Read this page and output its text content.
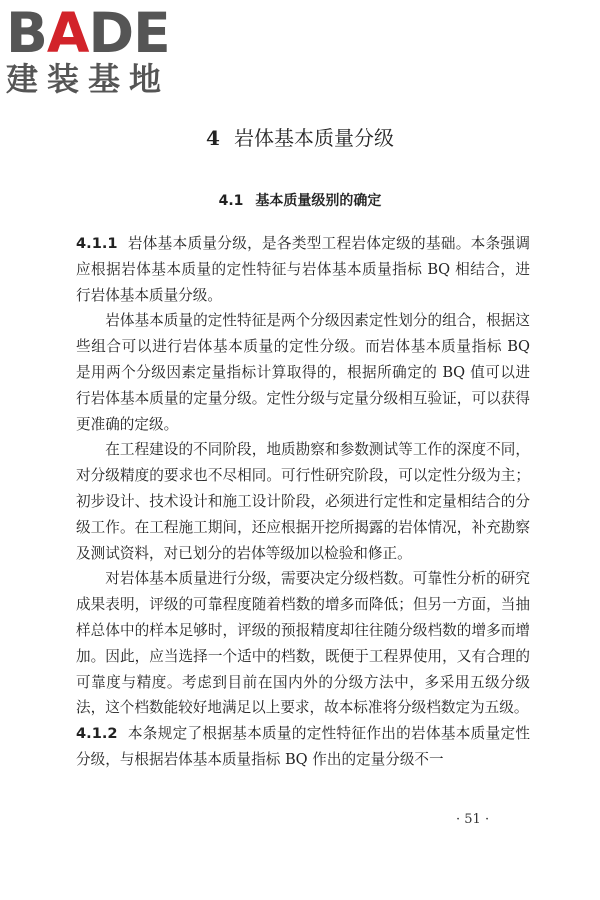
BADE
建装基地
4 岩体基本质量分级
4.1 基本质量级别的确定

4.1.1 岩体基本质量分级，是各类型工程岩体定级的基础。本条强调应根据岩体基本质量的定性特征与岩体基本质量指标 BQ 相结合，进行岩体基本质量分级。

岩体基本质量的定性特征是两个分级因素定性划分的组合，根据这些组合可以进行岩体基本质量的定性分级。而岩体基本质量指标 BQ 是用两个分级因素定量指标计算取得的，根据所确定的 BQ 值可以进行岩体基本质量的定量分级。定性分级与定量分级相互验证，可以获得更准确的定级。

在工程建设的不同阶段，地质勘察和参数测试等工作的深度不同，对分级精度的要求也不尽相同。可行性研究阶段，可以定性分级为主；初步设计、技术设计和施工设计阶段，必须进行定性和定量相结合的分级工作。在工程施工期间，还应根据开挖所揭露的岩体情况，补充勘察及测试资料，对已划分的岩体等级加以检验和修正。

对岩体基本质量进行分级，需要决定分级档数。可靠性分析的研究成果表明，评级的可靠程度随着档数的增多而降低；但另一方面，当抽样总体中的样本足够时，评级的预报精度却往往随分级档数的增多而增加。因此，应当选择一个适中的档数，既便于工程界使用，又有合理的可靠度与精度。考虑到目前在国内外的分级方法中，多采用五级分级法，这个档数能较好地满足以上要求，故本标准将分级档数定为五级。

4.1.2 本条规定了根据基本质量的定性特征作出的岩体基本质量定性分级，与根据岩体基本质量指标 BQ 作出的定量分级不一

· 51 ·
